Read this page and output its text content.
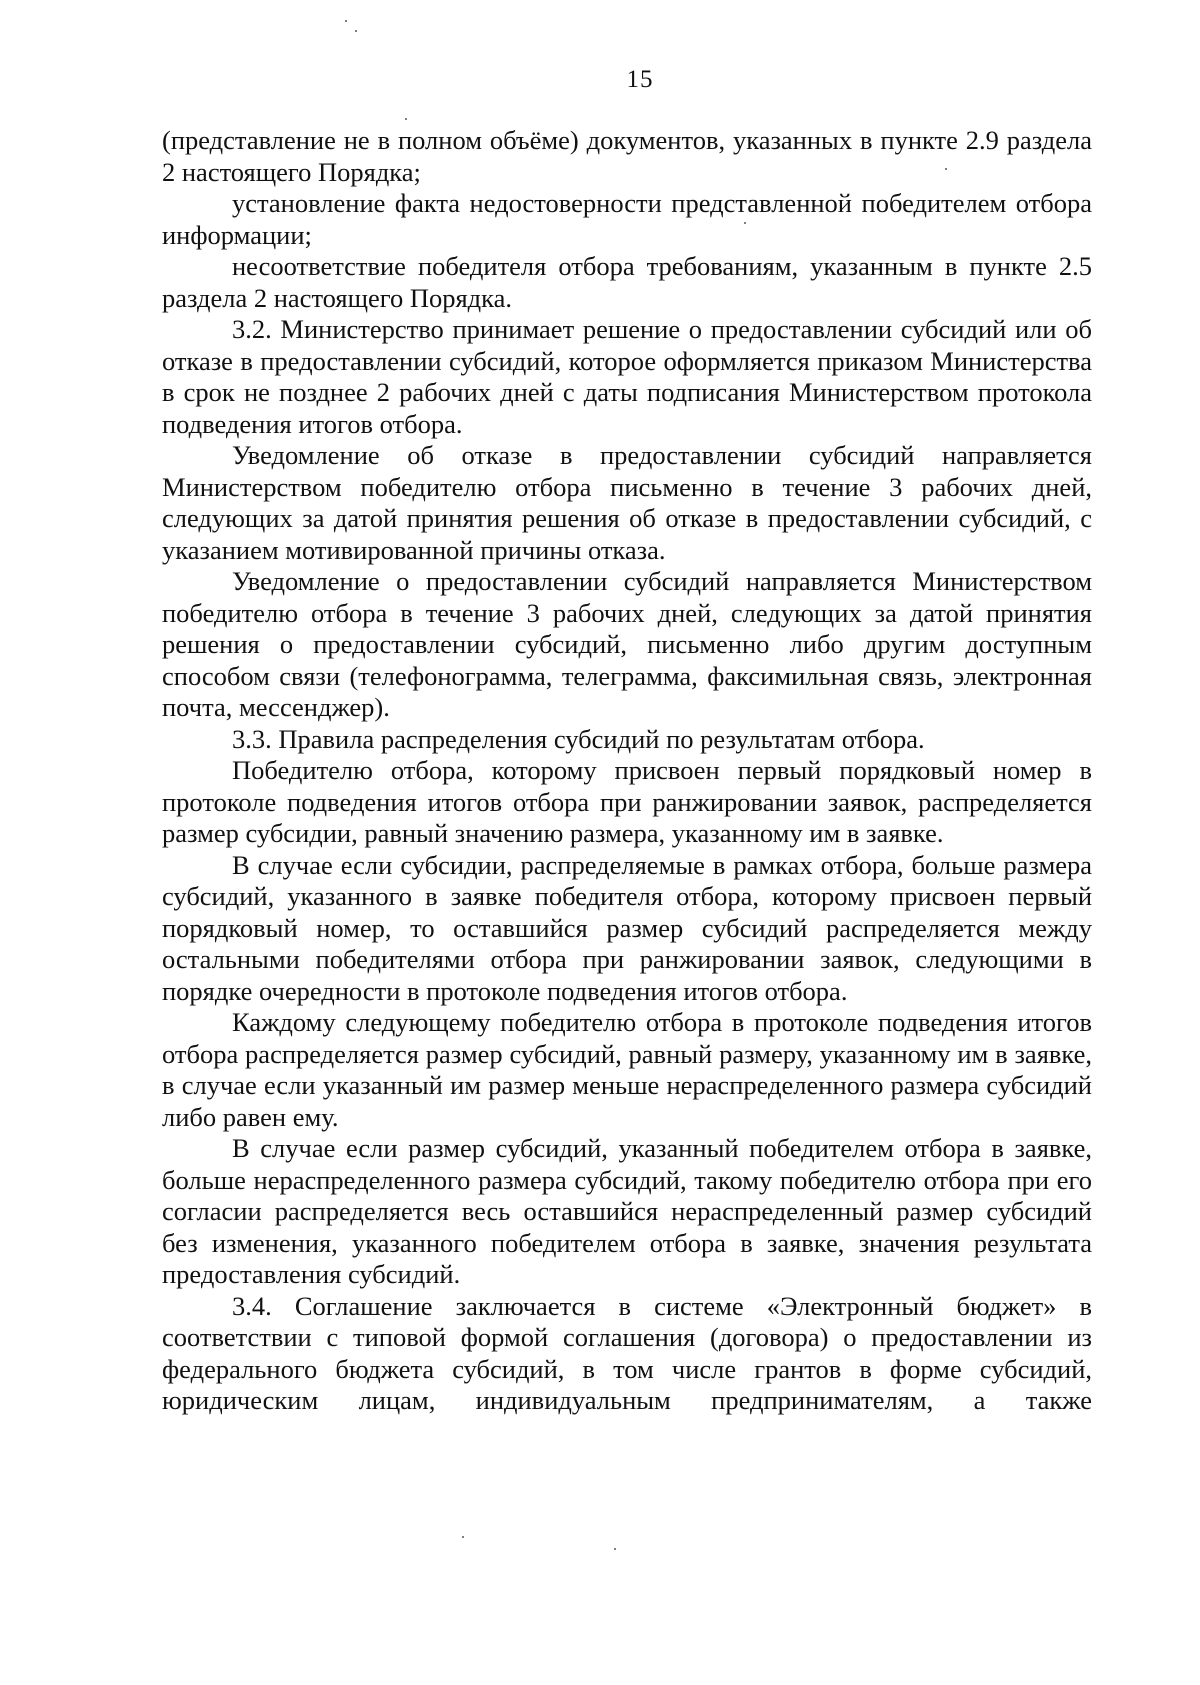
15

(представление не в полном объёме) документов, указанных в пункте 2.9 раздела 2 настоящего Порядка;

установление факта недостоверности представленной победителем отбора информации;

несоответствие победителя отбора требованиям, указанным в пункте 2.5 раздела 2 настоящего Порядка.

3.2. Министерство принимает решение о предоставлении субсидий или об отказе в предоставлении субсидий, которое оформляется приказом Министерства в срок не позднее 2 рабочих дней с даты подписания Министерством протокола подведения итогов отбора.

Уведомление об отказе в предоставлении субсидий направляется Министерством победителю отбора письменно в течение 3 рабочих дней, следующих за датой принятия решения об отказе в предоставлении субсидий, с указанием мотивированной причины отказа.

Уведомление о предоставлении субсидий направляется Министерством победителю отбора в течение 3 рабочих дней, следующих за датой принятия решения о предоставлении субсидий, письменно либо другим доступным способом связи (телефонограмма, телеграмма, факсимильная связь, электронная почта, мессенджер).

3.3. Правила распределения субсидий по результатам отбора.

Победителю отбора, которому присвоен первый порядковый номер в протоколе подведения итогов отбора при ранжировании заявок, распределяется размер субсидии, равный значению размера, указанному им в заявке.

В случае если субсидии, распределяемые в рамках отбора, больше размера субсидий, указанного в заявке победителя отбора, которому присвоен первый порядковый номер, то оставшийся размер субсидий распределяется между остальными победителями отбора при ранжировании заявок, следующими в порядке очередности в протоколе подведения итогов отбора.

Каждому следующему победителю отбора в протоколе подведения итогов отбора распределяется размер субсидий, равный размеру, указанному им в заявке, в случае если указанный им размер меньше нераспределенного размера субсидий либо равен ему.

В случае если размер субсидий, указанный победителем отбора в заявке, больше нераспределенного размера субсидий, такому победителю отбора при его согласии распределяется весь оставшийся нераспределенный размер субсидий без изменения, указанного победителем отбора в заявке, значения результата предоставления субсидий.

3.4. Соглашение заключается в системе «Электронный бюджет» в соответствии с типовой формой соглашения (договора) о предоставлении из федерального бюджета субсидий, в том числе грантов в форме субсидий, юридическим лицам, индивидуальным предпринимателям, а также
